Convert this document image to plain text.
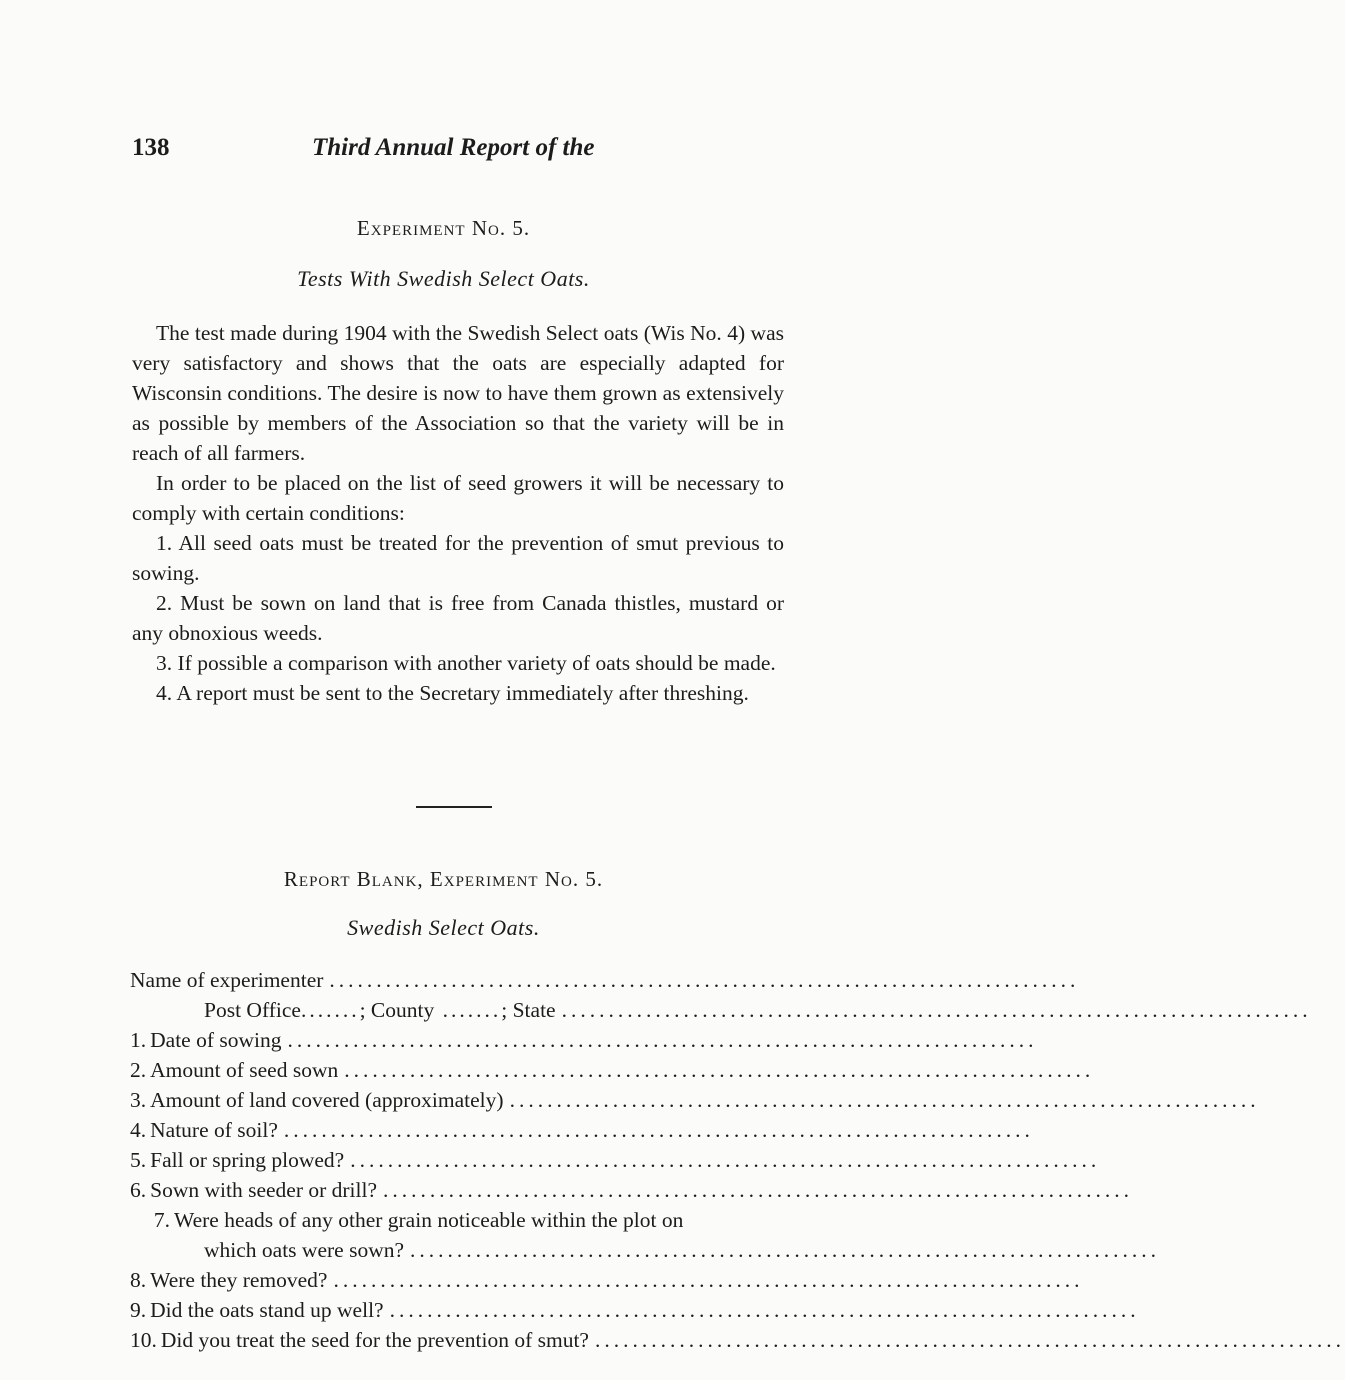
138	Third Annual Report of the
Experiment No. 5.
Tests With Swedish Select Oats.

The test made during 1904 with the Swedish Select oats (Wis No. 4) was very satisfactory and shows that the oats are especially adapted for Wisconsin conditions. The desire is now to have them grown as extensively as possible by members of the Association so that the variety will be in reach of all farmers.

In order to be placed on the list of seed growers it will be necessary to comply with certain conditions:

1. All seed oats must be treated for the prevention of smut previous to sowing.

2. Must be sown on land that is free from Canada thistles, mustard or any obnoxious weeds.

3. If possible a comparison with another variety of oats should be made.

4. A report must be sent to the Secretary immediately after threshing.

Report Blank, Experiment No. 5.
Swedish Select Oats.
Name of experimenter ................................................................................
Post Office ....... ; County ....... ; State ................................................................................
1. Date of sowing ................................................................................
2. Amount of seed sown ................................................................................
3. Amount of land covered (approximately) ................................................................................
4. Nature of soil? ................................................................................
5. Fall or spring plowed? ................................................................................
6. Sown with seeder or drill? ................................................................................
7. Were heads of any other grain noticeable within the plot on
which oats were sown? ................................................................................
8. Were they removed? ................................................................................
9. Did the oats stand up well? ................................................................................
10. Did you treat the seed for the prevention of smut? ................................................................................
